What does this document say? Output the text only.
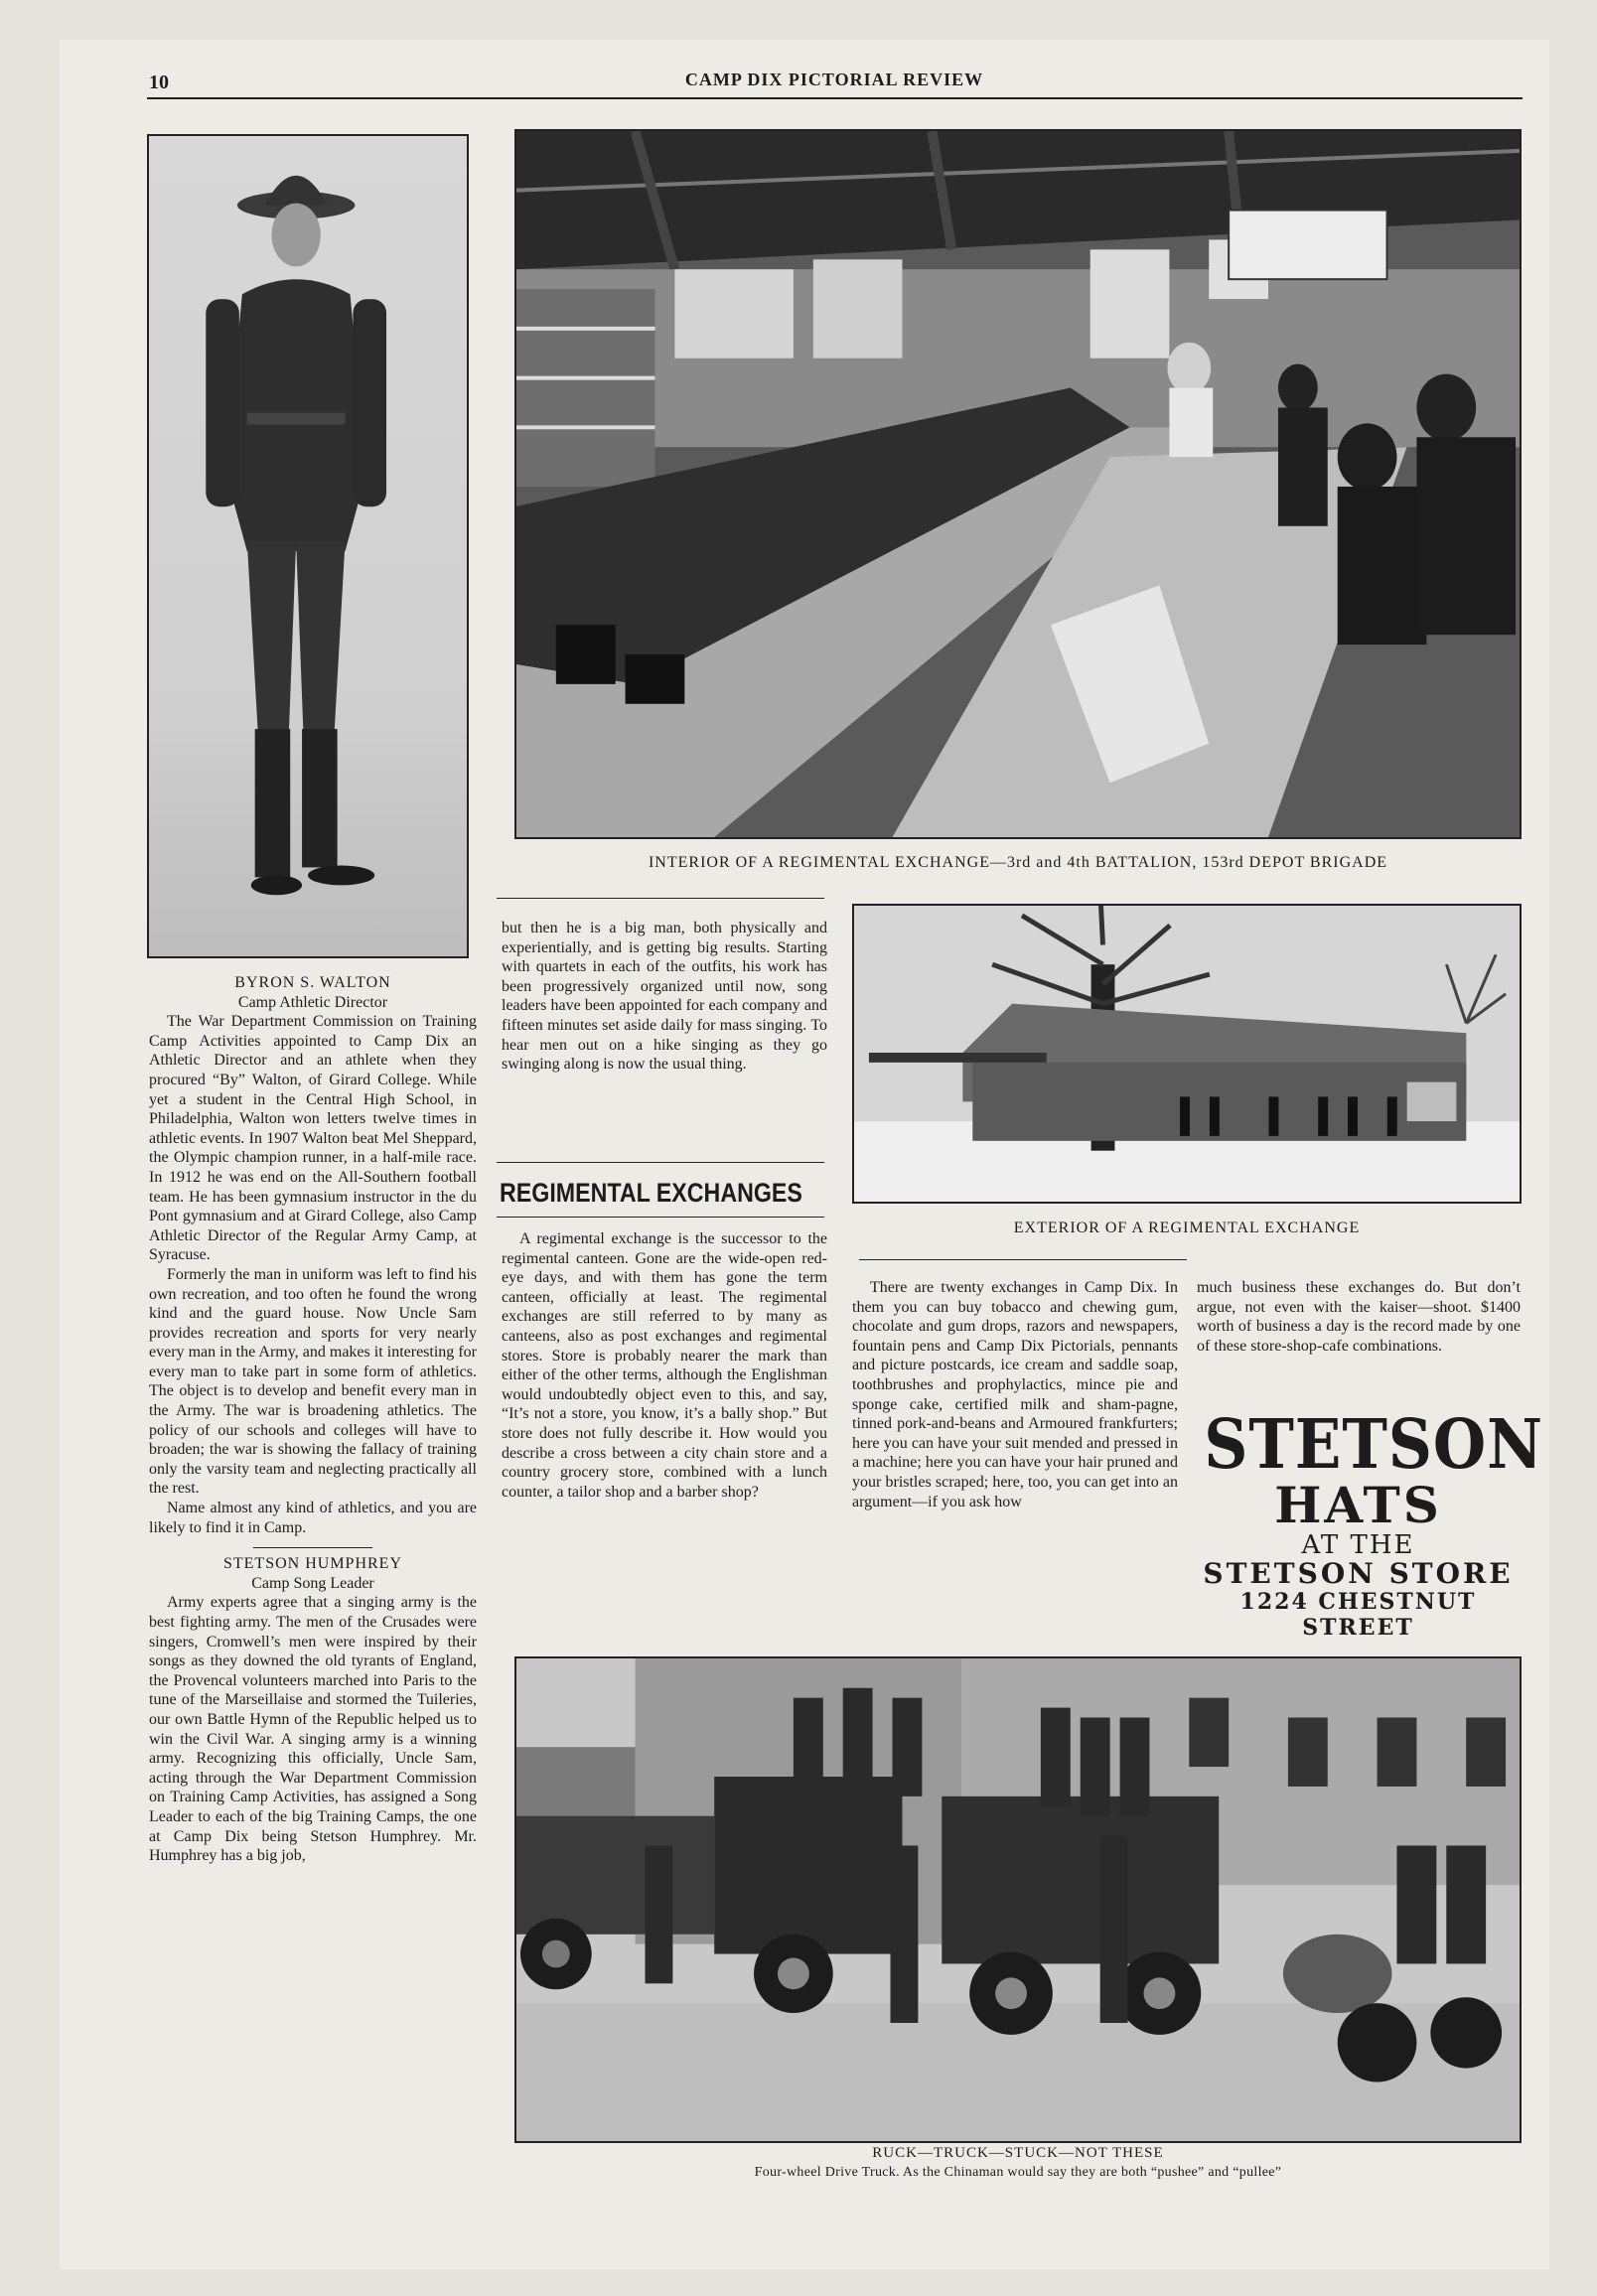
10	CAMP DIX PICTORIAL REVIEW
BYRON S. WALTON
Camp Athletic Director

The War Department Commission on Training Camp Activities appointed to Camp Dix an Athletic Director and an athlete when they procured “By” Walton, of Girard College. While yet a student in the Central High School, in Philadelphia, Walton won letters twelve times in athletic events. In 1907 Walton beat Mel Sheppard, the Olympic champion runner, in a half-mile race. In 1912 he was end on the All-Southern football team. He has been gymnasium instructor in the du Pont gymnasium and at Girard College, also Camp Athletic Director of the Regular Army Camp, at Syracuse.

Formerly the man in uniform was left to find his own recreation, and too often he found the wrong kind and the guard house. Now Uncle Sam provides recreation and sports for very nearly every man in the Army, and makes it interesting for every man to take part in some form of athletics. The object is to develop and benefit every man in the Army. The war is broadening athletics. The policy of our schools and colleges will have to broaden; the war is showing the fallacy of training only the varsity team and neglecting practically all the rest.

Name almost any kind of athletics, and you are likely to find it in Camp.

STETSON HUMPHREY
Camp Song Leader

Army experts agree that a singing army is the best fighting army. The men of the Crusades were singers, Cromwell’s men were inspired by their songs as they downed the old tyrants of England, the Provencal volunteers marched into Paris to the tune of the Marseillaise and stormed the Tuileries, our own Battle Hymn of the Republic helped us to win the Civil War. A singing army is a winning army. Recognizing this officially, Uncle Sam, acting through the War Department Commission on Training Camp Activities, has assigned a Song Leader to each of the big Training Camps, the one at Camp Dix being Stetson Humphrey. Mr. Humphrey has a big job,

INTERIOR OF A REGIMENTAL EXCHANGE—3rd and 4th BATTALION, 153rd DEPOT BRIGADE

but then he is a big man, both physically and experientially, and is getting big results. Starting with quartets in each of the outfits, his work has been progressively organized until now, song leaders have been appointed for each company and fifteen minutes set aside daily for mass singing. To hear men out on a hike singing as they go swinging along is now the usual thing.

REGIMENTAL EXCHANGES

A regimental exchange is the successor to the regimental canteen. Gone are the wide-open red-eye days, and with them has gone the term canteen, officially at least. The regimental exchanges are still referred to by many as canteens, also as post exchanges and regimental stores. Store is probably nearer the mark than either of the other terms, although the Englishman would undoubtedly object even to this, and say, “It’s not a store, you know, it’s a bally shop.” But store does not fully describe it. How would you describe a cross between a city chain store and a country grocery store, combined with a lunch counter, a tailor shop and a barber shop?

EXTERIOR OF A REGIMENTAL EXCHANGE

There are twenty exchanges in Camp Dix. In them you can buy tobacco and chewing gum, chocolate and gum drops, razors and newspapers, fountain pens and Camp Dix Pictorials, pennants and picture postcards, ice cream and saddle soap, toothbrushes and prophylactics, mince pie and sponge cake, certified milk and sham-pagne, tinned pork-and-beans and Armoured frankfurters; here you can have your suit mended and pressed in a machine; here you can have your hair pruned and your bristles scraped; here, too, you can get into an argument—if you ask how

much business these exchanges do. But don’t argue, not even with the kaiser—shoot. $1400 worth of business a day is the record made by one of these store-shop-cafe combinations.

STETSON
HATS
AT THE
STETSON STORE
1224 CHESTNUT STREET
RUCK—TRUCK—STUCK—NOT THESE
Four-wheel Drive Truck. As the Chinaman would say they are both “pushee” and “pullee”
